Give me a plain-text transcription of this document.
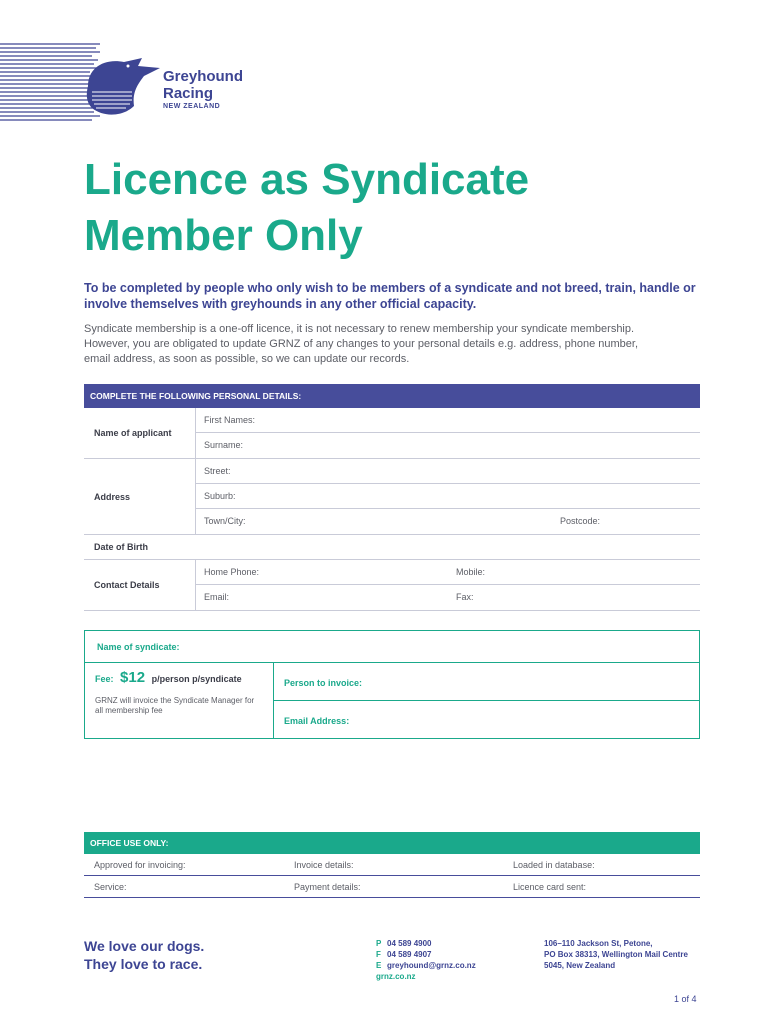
Greyhound
Racing
NEW ZEALAND
Licence as Syndicate
Member Only

To be completed by people who only wish to be members of a syndicate and not breed, train, handle or involve themselves with greyhounds in any other official capacity.

Syndicate membership is a one-off licence, it is not necessary to renew membership your syndicate membership. However, you are obligated to update GRNZ of any changes to your personal details e.g. address, phone number, email address, as soon as possible, so we can update our records.

COMPLETE THE FOLLOWING PERSONAL DETAILS:
Name of applicant
First Names:
Surname:
Address
Street:
Suburb:
Town/City:	Postcode:
Date of Birth
Contact Details
Home Phone:	Mobile:
Email:	Fax:
Name of syndicate:
Fee: $12 p/person p/syndicate
GRNZ will invoice the Syndicate Manager for all membership fee
Person to invoice:
Email Address:
OFFICE USE ONLY:
Approved for invoicing:	Invoice details:	Loaded in database:
Service:	Payment details:	Licence card sent:
We love our dogs.
They love to race.
P 04 589 4900
F 04 589 4907
E greyhound@grnz.co.nz
grnz.co.nz
106–110 Jackson St, Petone,
PO Box 38313, Wellington Mail Centre
5045, New Zealand
1 of 4
